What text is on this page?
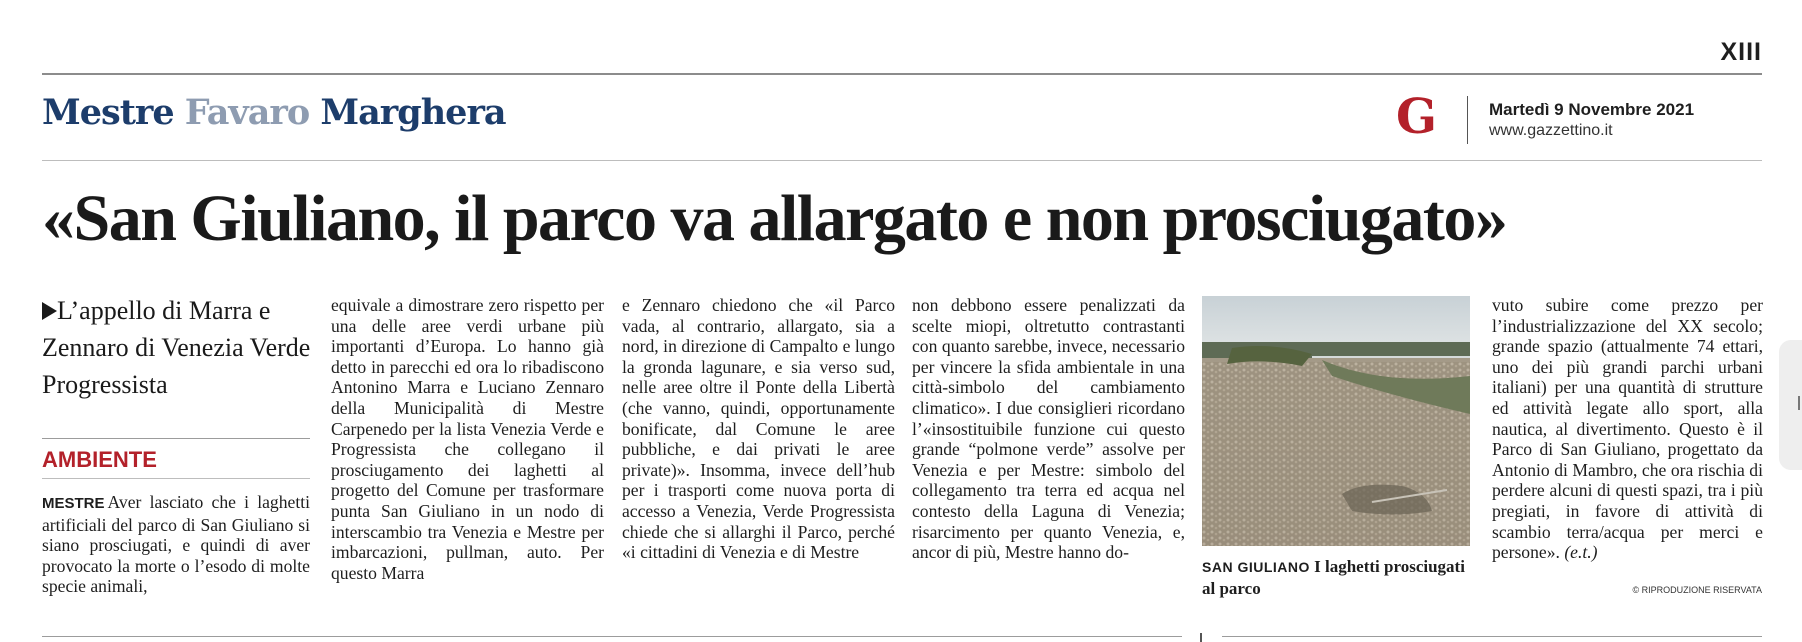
XIII
Mestre Favaro Marghera	G	Martedì 9 Novembre 2021
www.gazzettino.it
«San Giuliano, il parco va allargato e non prosciugato»
L’appello di Marra e Zennaro di Venezia Verde Progressista
AMBIENTE
MESTRE Aver lasciato che i laghetti artificiali del parco di San Giuliano si siano prosciugati, e quindi di aver provocato la morte o l’esodo di molte specie animali,
equivale a dimostrare zero rispetto per una delle aree verdi urbane più importanti d’Europa. Lo hanno già detto in parecchi ed ora lo ribadiscono Antonino Marra e Luciano Zennaro della Municipalità di Mestre Carpenedo per la lista Venezia Verde e Progressista che collegano il prosciugamento dei laghetti al progetto del Comune per trasformare punta San Giuliano in un nodo di interscambio tra Venezia e Mestre per imbarcazioni, pullman, auto. Per questo Marra
e Zennaro chiedono che «il Parco vada, al contrario, allargato, sia a nord, in direzione di Campalto e lungo la gronda lagunare, e sia verso sud, nelle aree oltre il Ponte della Libertà (che vanno, quindi, opportunamente bonificate, dal Comune le aree pubbliche, e dai privati le aree private)». Insomma, invece dell’hub per i trasporti come nuova porta di accesso a Venezia, Verde Progressista chiede che si allarghi il Parco, perché «i cittadini di Venezia e di Mestre
non debbono essere penalizzati da scelte miopi, oltretutto contrastanti con quanto sarebbe, invece, necessario per vincere la sfida ambientale in una città-simbolo del cambiamento climatico». I due consiglieri ricordano l’«insostituibile funzione cui questo grande “polmone verde” assolve per Venezia e per Mestre: simbolo del collegamento tra terra ed acqua nel contesto della Laguna di Venezia; risarcimento per quanto Venezia, e, ancor di più, Mestre hanno do-
SAN GIULIANO I laghetti prosciugati al parco
vuto subire come prezzo per l’industrializzazione del XX secolo; grande spazio (attualmente 74 ettari, uno dei più grandi parchi urbani italiani) per una quantità di strutture ed attività legate allo sport, alla nautica, al divertimento. Questo è il Parco di San Giuliano, progettato da Antonio di Mambro, che ora rischia di perdere alcuni di questi spazi, tra i più pregiati, in favore di attività di scambio terra/acqua per merci e persone». (e.t.)
© RIPRODUZIONE RISERVATA
